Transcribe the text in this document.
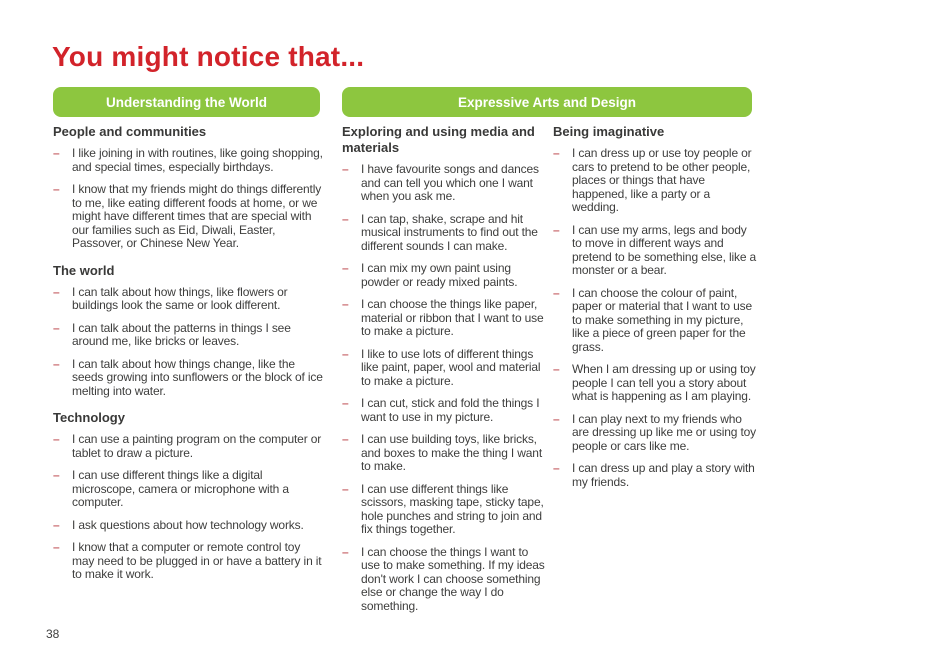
You might notice that...
Understanding the World	Expressive Arts and Design
People and communities
–	I like joining in with routines, like going shopping, and special times, especially birthdays.
–	I know that my friends might do things differently to me, like eating different foods at home, or we might have different times that are special with our families such as Eid, Diwali, Easter, Passover, or Chinese New Year.
The world
–	I can talk about how things, like flowers or buildings look the same or look different.
–	I can talk about the patterns in things I see around me, like bricks or leaves.
–	I can talk about how things change, like the seeds growing into sunflowers or the block of ice melting into water.
Technology
–	I can use a painting program on the computer or tablet to draw a picture.
–	I can use different things like a digital microscope, camera or microphone with a computer.
–	I ask questions about how technology works.
–	I know that a computer or remote control toy may need to be plugged in or have a battery in it to make it work.
Exploring and using media and materials
–	I have favourite songs and dances and can tell you which one I want when you ask me.
–	I can tap, shake, scrape and hit musical instruments to find out the different sounds I can make.
–	I can mix my own paint using powder or ready mixed paints.
–	I can choose the things like paper, material or ribbon that I want to use to make a picture.
–	I like to use lots of different things like paint, paper, wool and material to make a picture.
–	I can cut, stick and fold the things I want to use in my picture.
–	I can use building toys, like bricks, and boxes to make the thing I want to make.
–	I can use different things like scissors, masking tape, sticky tape, hole punches and string to join and fix things together.
–	I can choose the things I want to use to make something. If my ideas don't work I can choose something else or change the way I do something.
Being imaginative
–	I can dress up or use toy people or cars to pretend to be other people, places or things that have happened, like a party or a wedding.
–	I can use my arms, legs and body to move in different ways and pretend to be something else, like a monster or a bear.
–	I can choose the colour of paint, paper or material that I want to use to make something in my picture, like a piece of green paper for the grass.
–	When I am dressing up or using toy people I can tell you a story about what is happening as I am playing.
–	I can play next to my friends who are dressing up like me or using toy people or cars like me.
–	I can dress up and play a story with my friends.
38
